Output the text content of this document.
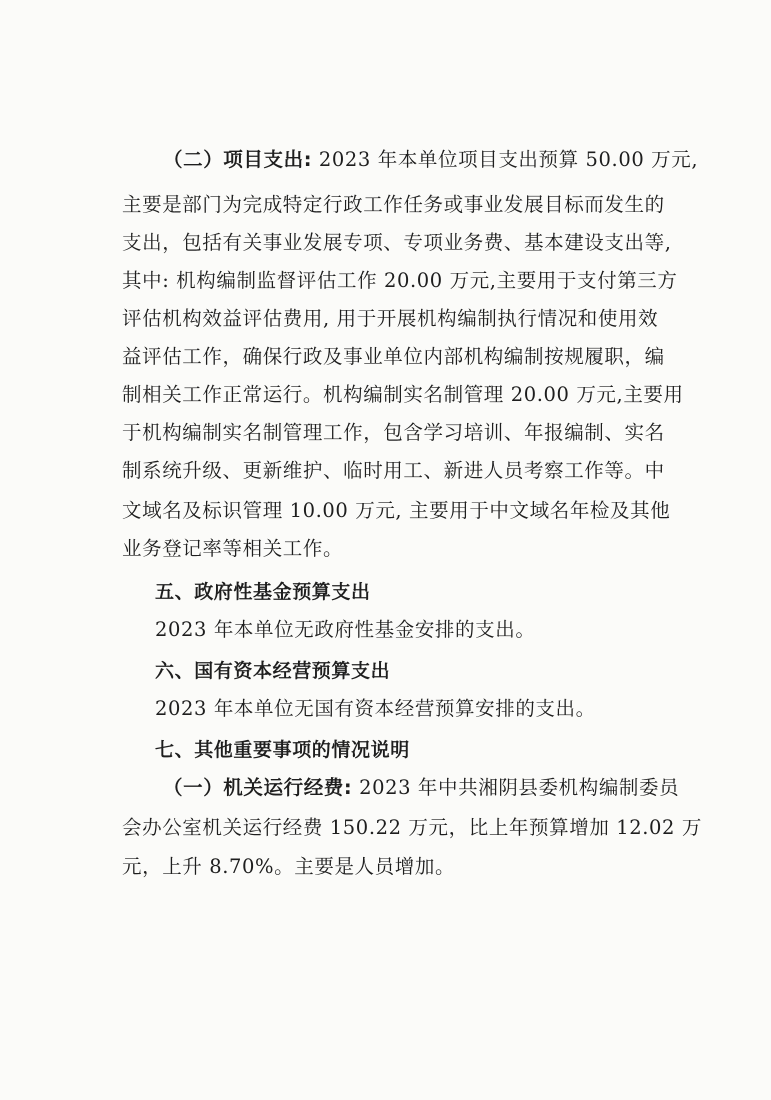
（二）项目支出: 2023 年本单位项目支出预算 50.00 万元,
主要是部门为完成特定行政工作任务或事业发展目标而发生的
支出，包括有关事业发展专项、专项业务费、基本建设支出等,
其中: 机构编制监督评估工作 20.00 万元,主要用于支付第三方
评估机构效益评估费用, 用于开展机构编制执行情况和使用效
益评估工作，确保行政及事业单位内部机构编制按规履职，编
制相关工作正常运行。机构编制实名制管理 20.00 万元,主要用
于机构编制实名制管理工作，包含学习培训、年报编制、实名
制系统升级、更新维护、临时用工、新进人员考察工作等。中
文域名及标识管理 10.00 万元, 主要用于中文域名年检及其他
业务登记率等相关工作。
五、政府性基金预算支出
2023 年本单位无政府性基金安排的支出。
六、国有资本经营预算支出
2023 年本单位无国有资本经营预算安排的支出。
七、其他重要事项的情况说明
（一）机关运行经费: 2023 年中共湘阴县委机构编制委员
会办公室机关运行经费 150.22 万元，比上年预算增加 12.02 万
元，上升 8.70%。主要是人员增加。
